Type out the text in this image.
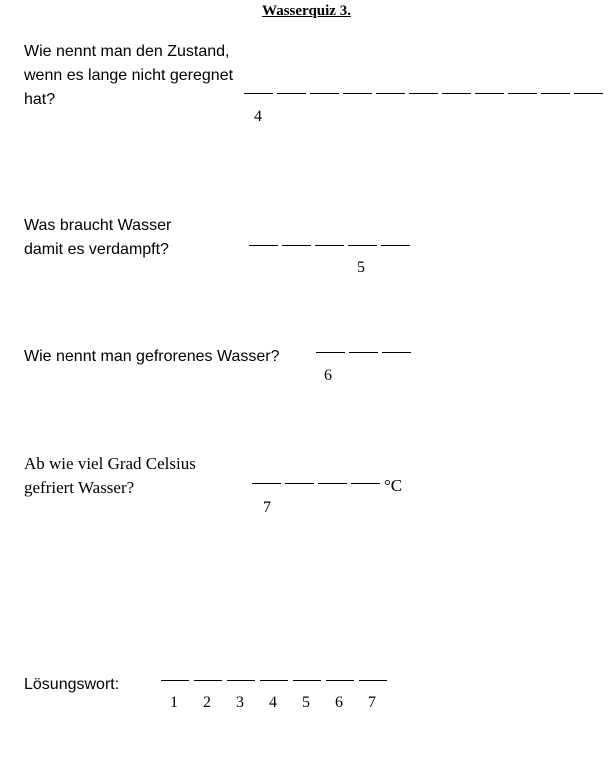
Wasserquiz 3.
Wie nennt man den Zustand,
wenn es lange nicht geregnet
hat?
4
Was braucht Wasser
damit es verdampft?
5
Wie nennt man gefrorenes Wasser?
6
Ab wie viel Grad Celsius
gefriert Wasser?	°C
7
Lösungswort:
1 2 3 4 5 6 7
